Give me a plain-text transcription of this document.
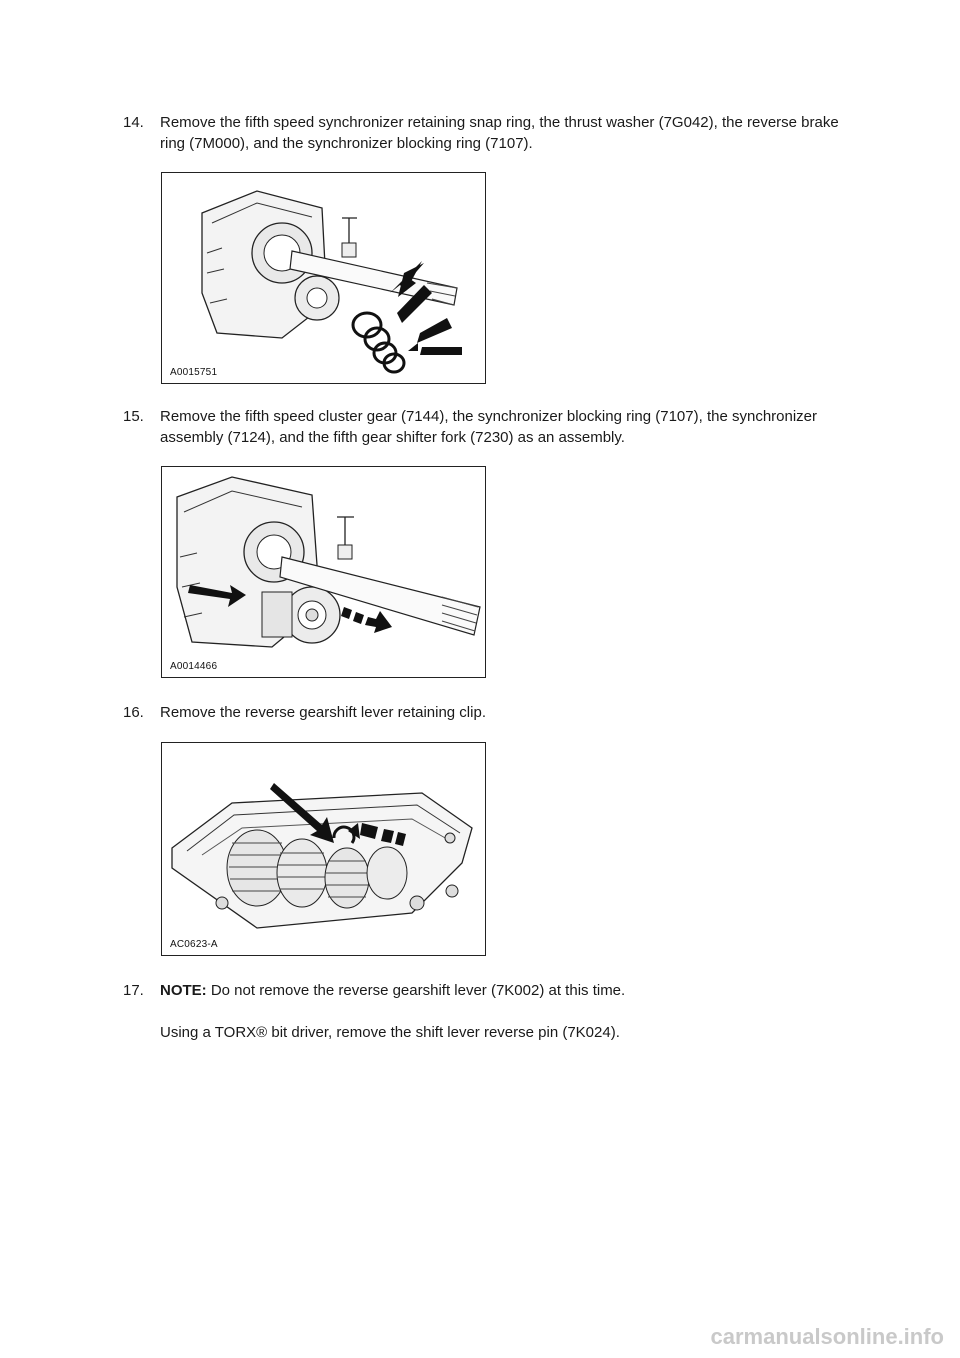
14.	Remove the fifth speed synchronizer retaining snap ring, the thrust washer (7G042), the reverse brake ring (7M000), and the synchronizer blocking ring (7107).
A0015751
15.	Remove the fifth speed cluster gear (7144), the synchronizer blocking ring (7107), the synchronizer assembly (7124), and the fifth gear shifter fork (7230) as an assembly.
A0014466
16.	Remove the reverse gearshift lever retaining clip.
AC0623-A
17.	NOTE: Do not remove the reverse gearshift lever (7K002) at this time.
Using a TORX® bit driver, remove the shift lever reverse pin (7K024).
carmanualsonline.info
